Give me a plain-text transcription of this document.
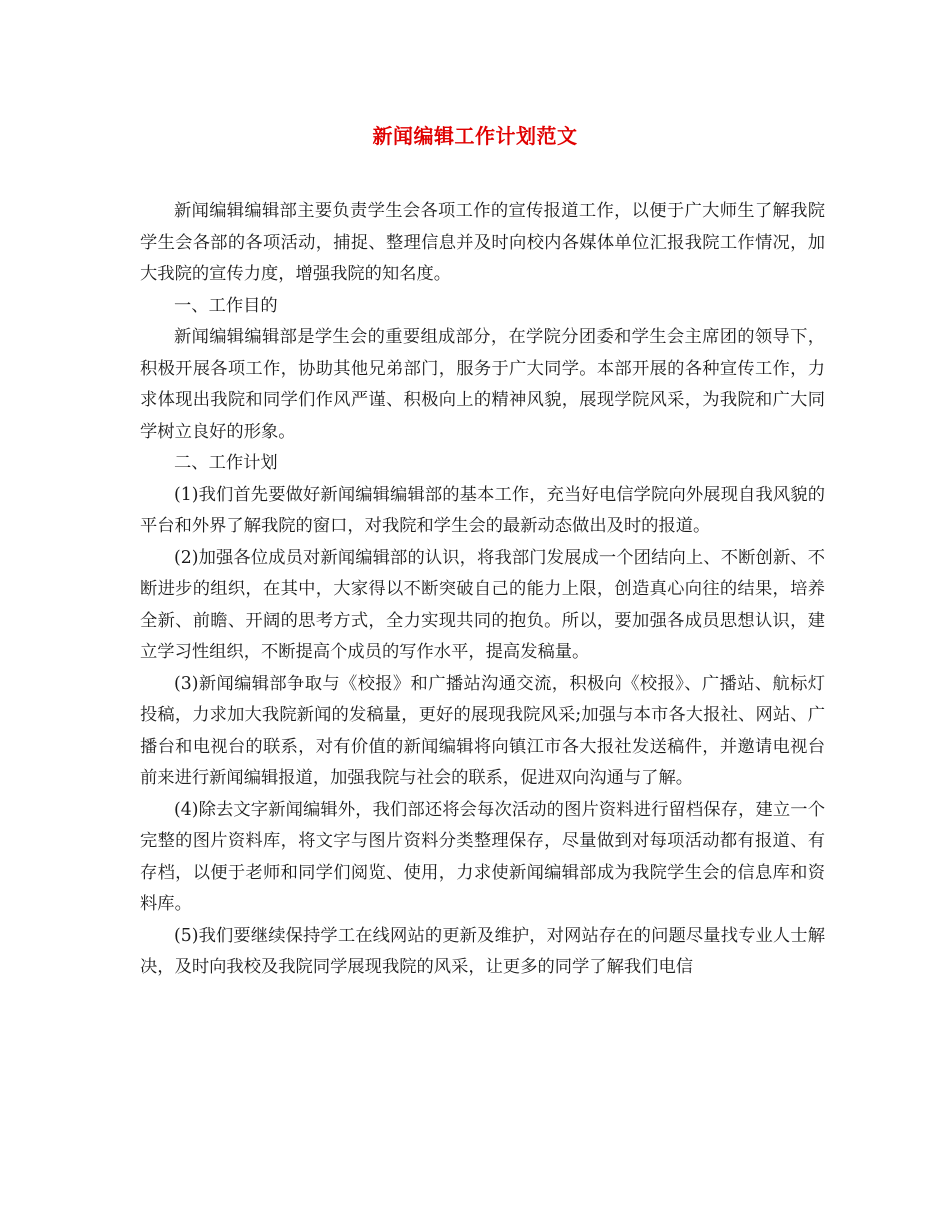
新闻编辑工作计划范文

新闻编辑编辑部主要负责学生会各项工作的宣传报道工作，以便于广大师生了解我院学生会各部的各项活动，捕捉、整理信息并及时向校内各媒体单位汇报我院工作情况，加大我院的宣传力度，增强我院的知名度。

一、工作目的

新闻编辑编辑部是学生会的重要组成部分，在学院分团委和学生会主席团的领导下，积极开展各项工作，协助其他兄弟部门，服务于广大同学。本部开展的各种宣传工作，力求体现出我院和同学们作风严谨、积极向上的精神风貌，展现学院风采，为我院和广大同学树立良好的形象。

二、工作计划

(1)我们首先要做好新闻编辑编辑部的基本工作，充当好电信学院向外展现自我风貌的平台和外界了解我院的窗口，对我院和学生会的最新动态做出及时的报道。

(2)加强各位成员对新闻编辑部的认识，将我部门发展成一个团结向上、不断创新、不断进步的组织，在其中，大家得以不断突破自己的能力上限，创造真心向往的结果，培养全新、前瞻、开阔的思考方式，全力实现共同的抱负。所以，要加强各成员思想认识，建立学习性组织，不断提高个成员的写作水平，提高发稿量。

(3)新闻编辑部争取与《校报》和广播站沟通交流，积极向《校报》、广播站、航标灯投稿，力求加大我院新闻的发稿量，更好的展现我院风采;加强与本市各大报社、网站、广播台和电视台的联系，对有价值的新闻编辑将向镇江市各大报社发送稿件，并邀请电视台前来进行新闻编辑报道，加强我院与社会的联系，促进双向沟通与了解。

(4)除去文字新闻编辑外，我们部还将会每次活动的图片资料进行留档保存，建立一个完整的图片资料库，将文字与图片资料分类整理保存，尽量做到对每项活动都有报道、有存档，以便于老师和同学们阅览、使用，力求使新闻编辑部成为我院学生会的信息库和资料库。

(5)我们要继续保持学工在线网站的更新及维护，对网站存在的问题尽量找专业人士解决，及时向我校及我院同学展现我院的风采，让更多的同学了解我们电信
